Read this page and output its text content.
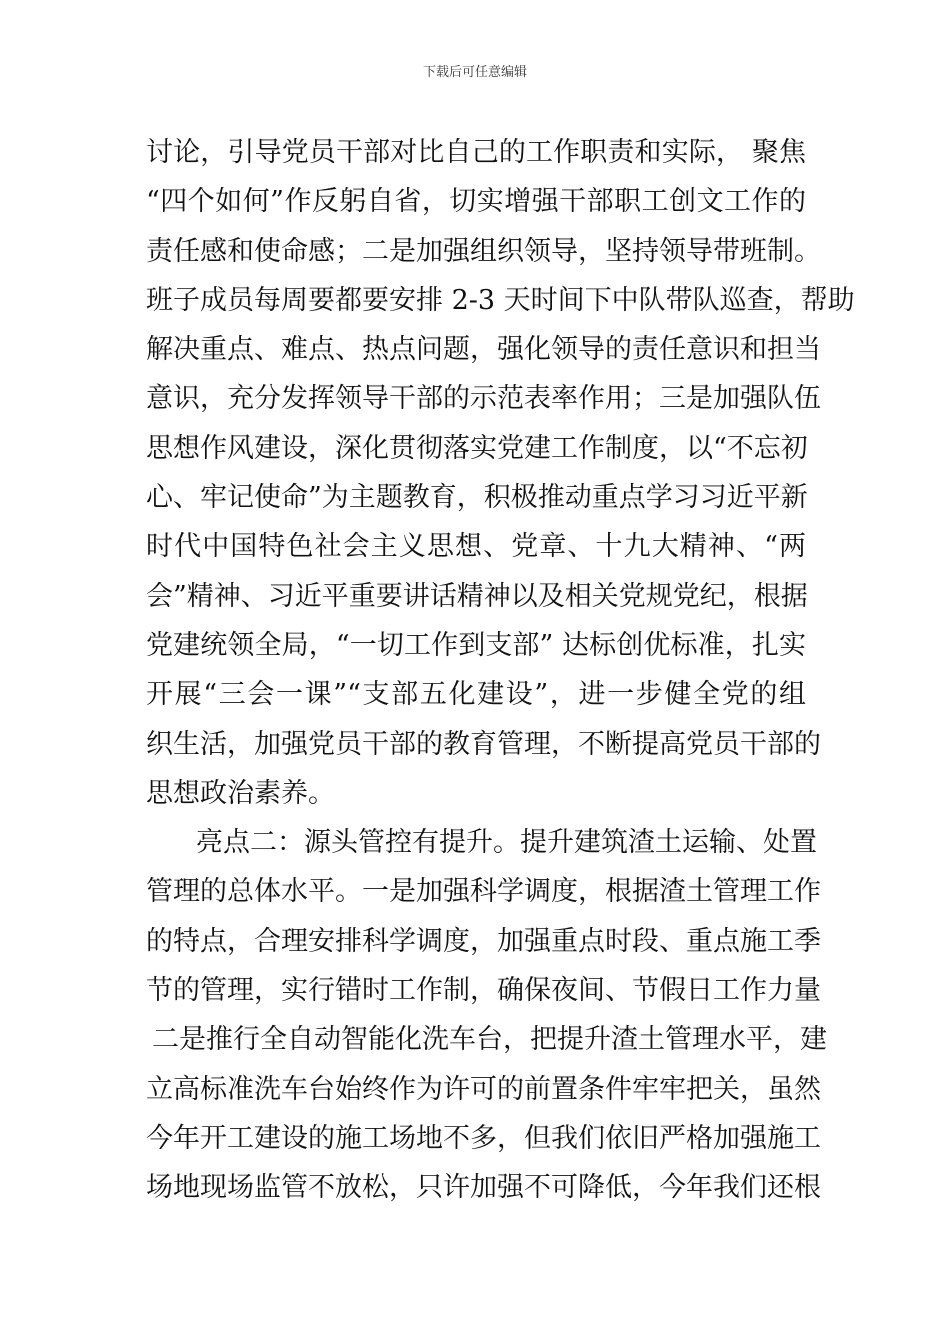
下载后可任意编辑
讨论，引导党员干部对比自己的工作职责和实际， 聚焦
“四个如何”作反躬自省，切实增强干部职工创文工作的
责任感和使命感；二是加强组织领导，坚持领导带班制。
班子成员每周要都要安排 2-3 天时间下中队带队巡查，帮助
解决重点、难点、热点问题，强化领导的责任意识和担当
意识，充分发挥领导干部的示范表率作用；三是加强队伍
思想作风建设，深化贯彻落实党建工作制度，以“不忘初
心、牢记使命”为主题教育，积极推动重点学习习近平新
时代中国特色社会主义思想、党章、十九大精神、“两
会”精神、习近平重要讲话精神以及相关党规党纪，根据
党建统领全局，“一切工作到支部” 达标创优标准，扎实
开展“三会一课”“支部五化建设”，进一步健全党的组
织生活，加强党员干部的教育管理，不断提高党员干部的
思想政治素养。
亮点二：源头管控有提升。提升建筑渣土运输、处置
管理的总体水平。一是加强科学调度，根据渣土管理工作
的特点，合理安排科学调度，加强重点时段、重点施工季
节的管理，实行错时工作制，确保夜间、节假日工作力量
二是推行全自动智能化洗车台，把提升渣土管理水平，建
立高标准洗车台始终作为许可的前置条件牢牢把关，虽然
今年开工建设的施工场地不多，但我们依旧严格加强施工
场地现场监管不放松，只许加强不可降低，今年我们还根
